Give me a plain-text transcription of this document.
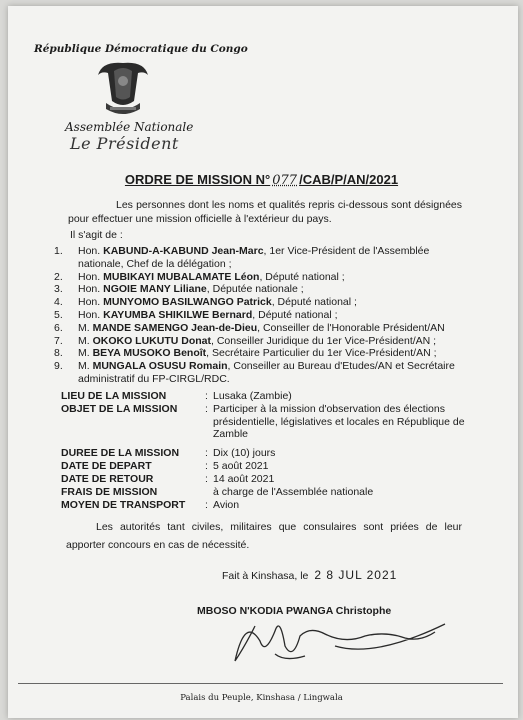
République Démocratique du Congo
Assemblée Nationale
Le Président
ORDRE DE MISSION N° 077 /CAB/P/AN/2021
Les personnes dont les noms et qualités repris ci-dessous sont désignées pour effectuer une mission officielle à l'extérieur du pays.
Il s'agit de :
1.	Hon. KABUND-A-KABUND Jean-Marc, 1er Vice-Président de l'Assemblée nationale, Chef de la délégation ;
2.	Hon. MUBIKAYI MUBALAMATE Léon, Député national ;
3.	Hon. NGOIE MANY Liliane, Députée nationale ;
4.	Hon. MUNYOMO BASILWANGO Patrick, Député national ;
5.	Hon. KAYUMBA SHIKILWE Bernard, Député national ;
6.	M. MANDE SAMENGO Jean-de-Dieu, Conseiller de l'Honorable Président/AN
7.	M. OKOKO LUKUTU Donat, Conseiller Juridique du 1er Vice-Président/AN ;
8.	M. BEYA MUSOKO Benoît, Secrétaire Particulier du 1er Vice-Président/AN ;
9.	M. MUNGALA OSUSU Romain, Conseiller au Bureau d'Etudes/AN et Secrétaire administratif du FP-CIRGL/RDC.
LIEU DE LA MISSION	: Lusaka (Zambie)
OBJET DE LA MISSION	: Participer à la mission d'observation des élections présidentielle, législatives et locales en République de Zamble
DUREE DE LA MISSION	: Dix (10) jours
DATE DE DEPART	: 5 août 2021
DATE DE RETOUR	: 14 août 2021
FRAIS DE MISSION	à charge de l'Assemblée nationale
MOYEN DE TRANSPORT	: Avion
Les autorités tant civiles, militaires que consulaires sont priées de leur apporter concours en cas de nécessité.
Fait à Kinshasa, le 2 8 JUL 2021
MBOSO N'KODIA PWANGA Christophe
Palais du Peuple, Kinshasa / Lingwala
